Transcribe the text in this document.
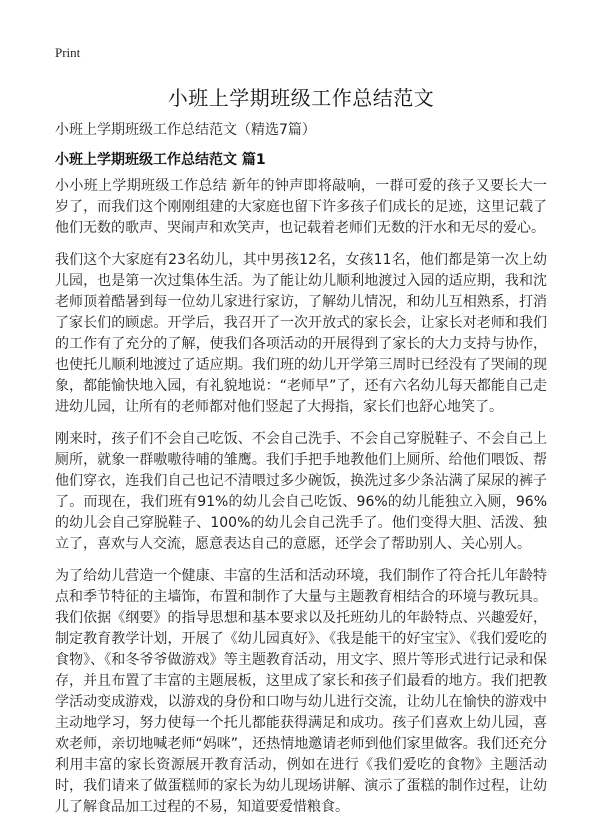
Print
小班上学期班级工作总结范文

小班上学期班级工作总结范文（精选7篇）

小班上学期班级工作总结范文 篇1

小小班上学期班级工作总结 新年的钟声即将敲响，一群可爱的孩子又要长大一岁了，而我们这个刚刚组建的大家庭也留下许多孩子们成长的足迹，这里记载了他们无数的歌声、哭闹声和欢笑声，也记载着老师们无数的汗水和无尽的爱心。

我们这个大家庭有23名幼儿，其中男孩12名，女孩11名，他们都是第一次上幼儿园，也是第一次过集体生活。为了能让幼儿顺利地渡过入园的适应期，我和沈老师顶着酷暑到每一位幼儿家进行家访，了解幼儿情况，和幼儿互相熟系，打消了家长们的顾虑。开学后，我召开了一次开放式的家长会，让家长对老师和我们的工作有了充分的了解，使我们各项活动的开展得到了家长的大力支持与协作，也使托儿顺利地渡过了适应期。我们班的幼儿开学第三周时已经没有了哭闹的现象，都能愉快地入园，有礼貌地说：“老师早”了，还有六名幼儿每天都能自己走进幼儿园，让所有的老师都对他们竖起了大拇指，家长们也舒心地笑了。

刚来时，孩子们不会自己吃饭、不会自己洗手、不会自己穿脱鞋子、不会自己上厕所，就象一群嗷嗷待哺的雏鹰。我们手把手地教他们上厕所、给他们喂饭、帮他们穿衣，连我们自己也记不清喂过多少碗饭，换洗过多少条沾满了屎尿的裤子了。而现在，我们班有91%的幼儿会自己吃饭、96%的幼儿能独立入厕，96%的幼儿会自己穿脱鞋子、100%的幼儿会自己洗手了。他们变得大胆、活泼、独立了，喜欢与人交流，愿意表达自己的意愿，还学会了帮助别人、关心别人。

为了给幼儿营造一个健康、丰富的生活和活动环境，我们制作了符合托儿年龄特点和季节特征的主墙饰，布置和制作了大量与主题教育相结合的环境与教玩具。我们依据《纲要》的指导思想和基本要求以及托班幼儿的年龄特点、兴趣爱好，制定教育教学计划，开展了《幼儿园真好》、《我是能干的好宝宝》、《我们爱吃的食物》、《和冬爷爷做游戏》等主题教育活动，用文字、照片等形式进行记录和保存，并且布置了丰富的主题展板，这里成了家长和孩子们最看的地方。我们把教学活动变成游戏，以游戏的身份和口吻与幼儿进行交流，让幼儿在愉快的游戏中主动地学习，努力使每一个托儿都能获得满足和成功。孩子们喜欢上幼儿园，喜欢老师，亲切地喊老师“妈咪”，还热情地邀请老师到他们家里做客。我们还充分利用丰富的家长资源展开教育活动，例如在进行《我们爱吃的食物》主题活动时，我们请来了做蛋糕师的家长为幼儿现场讲解、演示了蛋糕的制作过程，让幼儿了解食品加工过程的不易，知道要爱惜粮食。
